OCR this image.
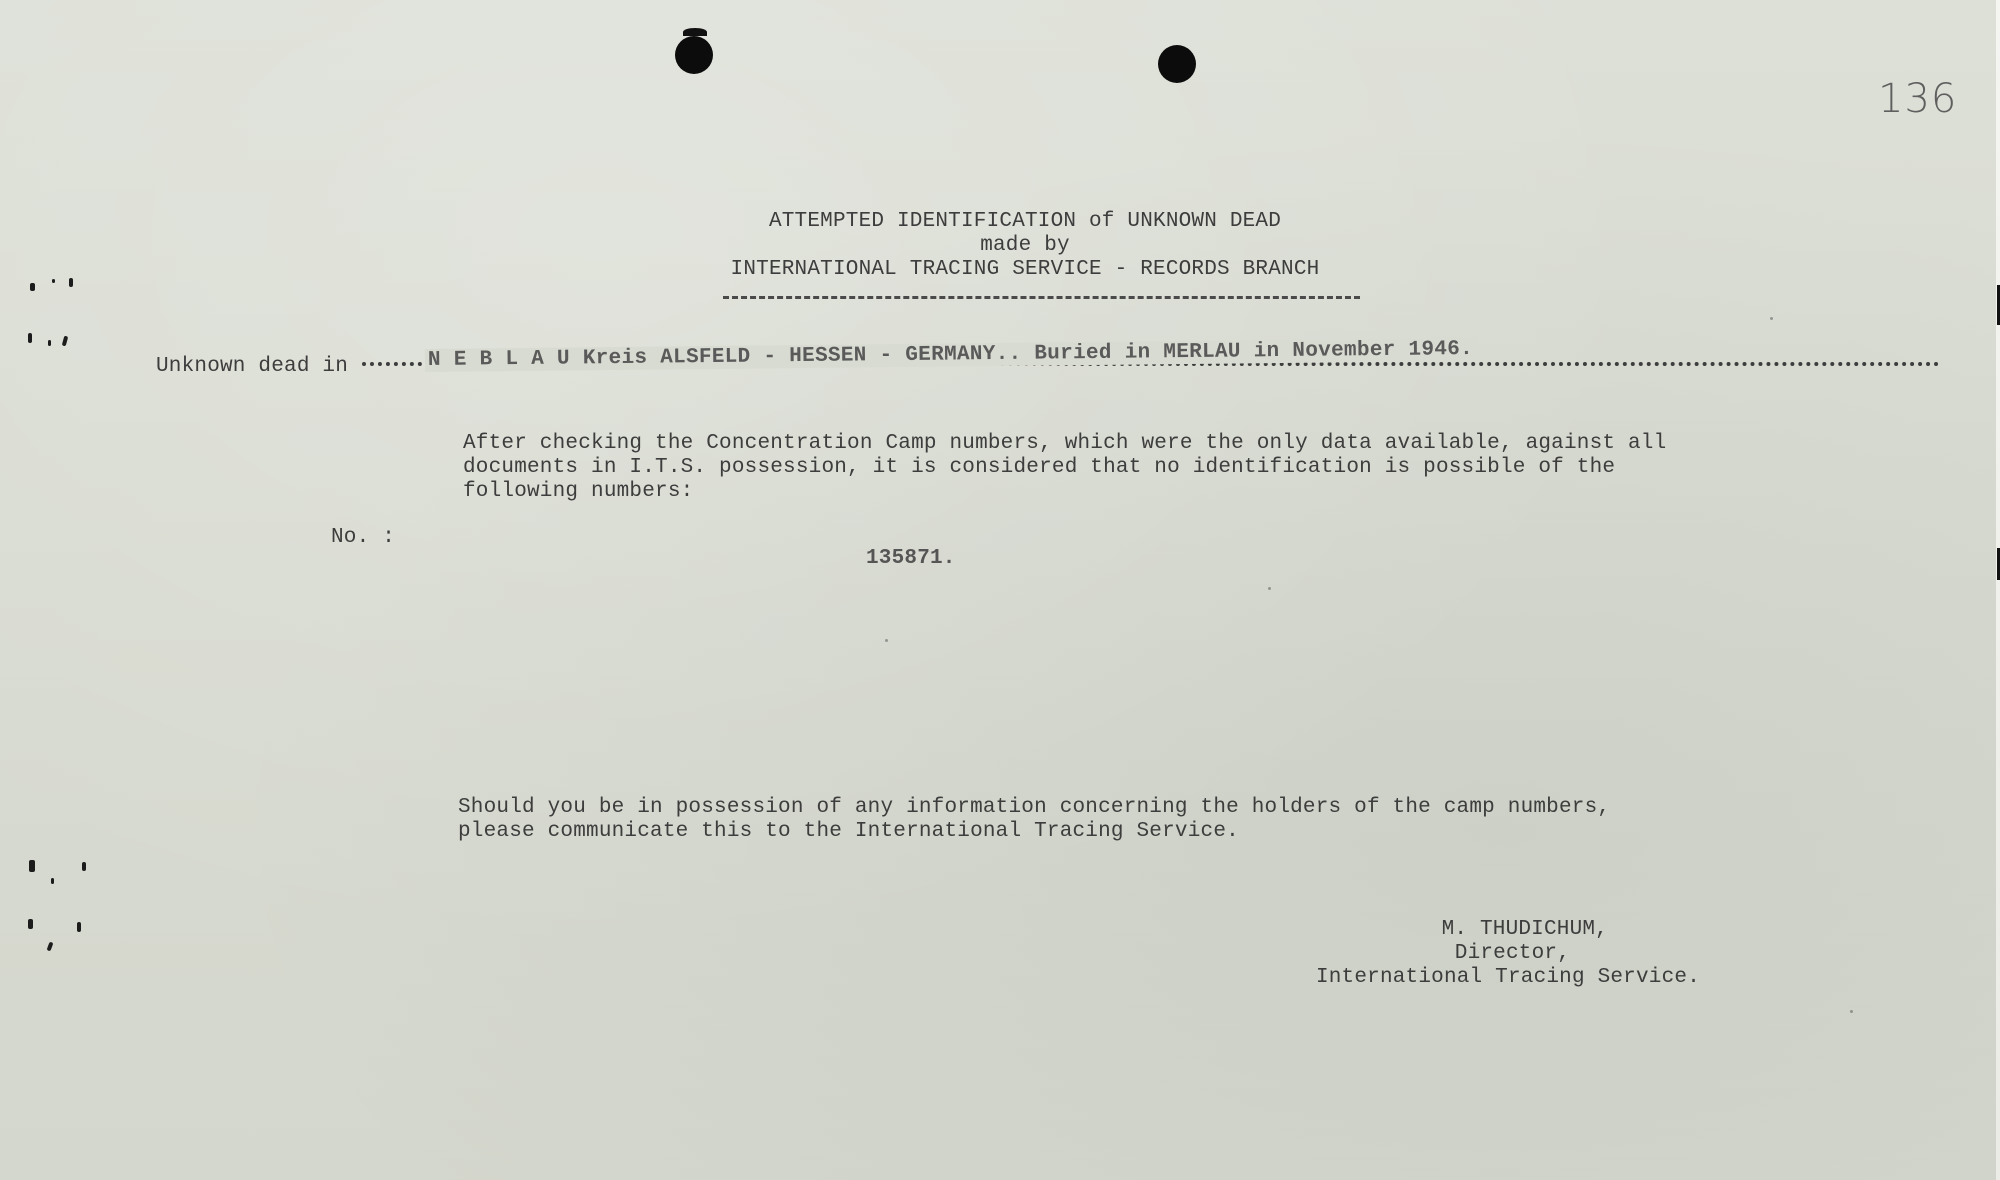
136
ATTEMPTED IDENTIFICATION of UNKNOWN DEAD
made by
INTERNATIONAL TRACING SERVICE - RECORDS BRANCH
Unknown dead in	N E B L A U Kreis ALSFELD - HESSEN - GERMANY.. Buried in MERLAU in November 1946.
After checking the Concentration Camp numbers, which were the only data available, against all
documents in I.T.S. possession, it is considered that no identification is possible of the
following numbers:
No. :
135871.
Should you be in possession of any information concerning the holders of the camp numbers,
please communicate this to the International Tracing Service.
M. THUDICHUM,
Director,
International Tracing Service.
